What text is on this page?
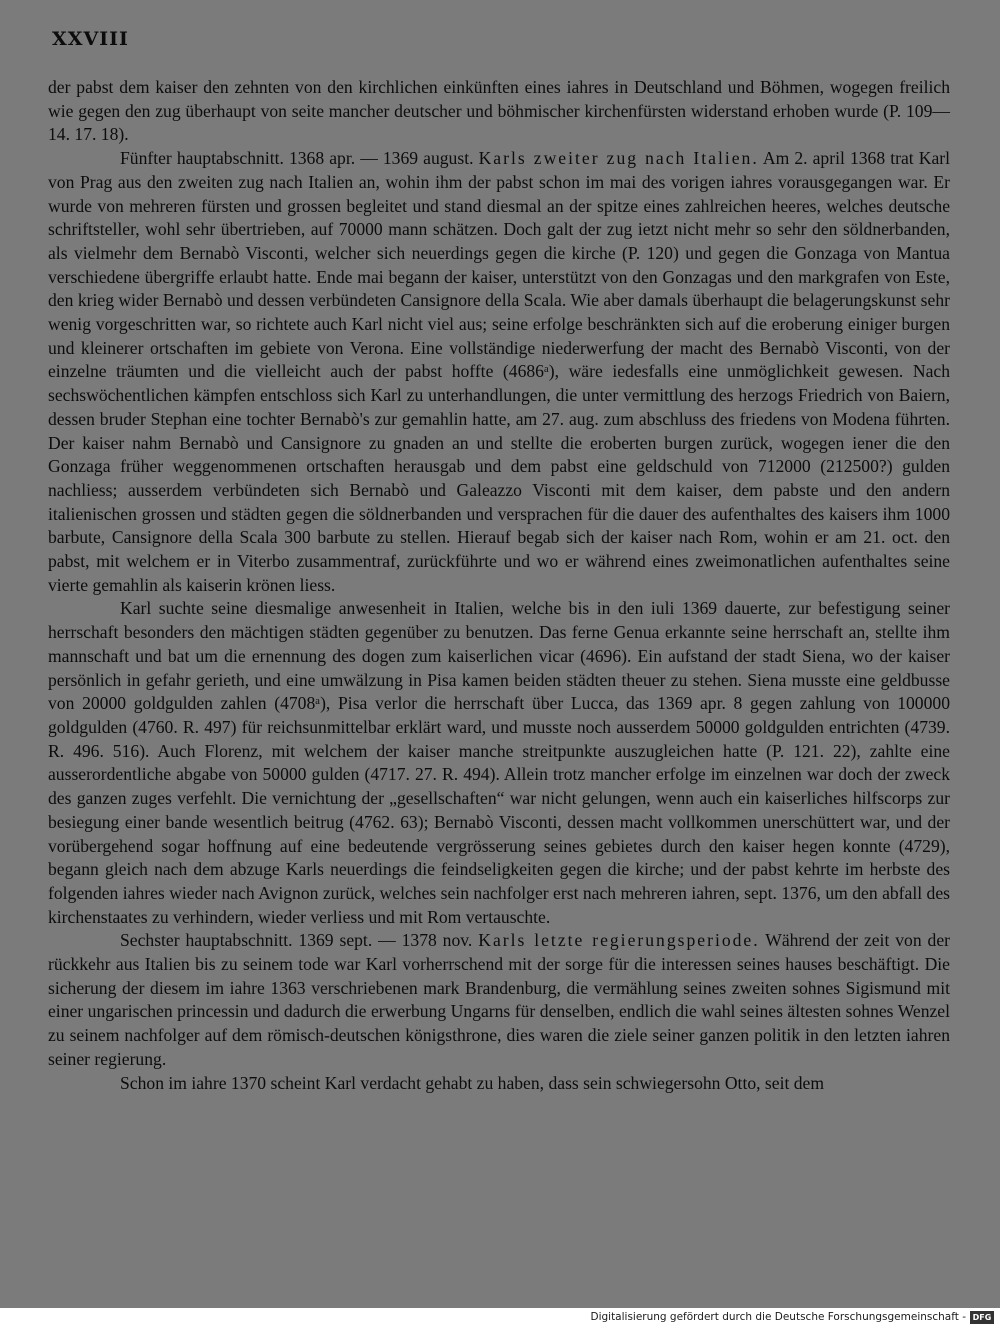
XXVIII

der pabst dem kaiser den zehnten von den kirchlichen einkünften eines iahres in Deutschland und Böhmen, wogegen freilich wie gegen den zug überhaupt von seite mancher deutscher und böhmischer kirchenfürsten widerstand erhoben wurde (P. 109—14. 17. 18).

Fünfter hauptabschnitt. 1368 apr. — 1369 august. Karls zweiter zug nach Italien. Am 2. april 1368 trat Karl von Prag aus den zweiten zug nach Italien an, wohin ihm der pabst schon im mai des vorigen iahres vorausgegangen war. Er wurde von mehreren fürsten und grossen begleitet und stand diesmal an der spitze eines zahlreichen heeres, welches deutsche schriftsteller, wohl sehr übertrieben, auf 70000 mann schätzen. Doch galt der zug ietzt nicht mehr so sehr den söldnerbanden, als vielmehr dem Bernabò Visconti, welcher sich neuerdings gegen die kirche (P. 120) und gegen die Gonzaga von Mantua verschiedene übergriffe erlaubt hatte. Ende mai begann der kaiser, unterstützt von den Gonzagas und den markgrafen von Este, den krieg wider Bernabò und dessen verbündeten Cansignore della Scala. Wie aber damals überhaupt die belagerungskunst sehr wenig vorgeschritten war, so richtete auch Karl nicht viel aus; seine erfolge beschränkten sich auf die eroberung einiger burgen und kleinerer ortschaften im gebiete von Verona. Eine vollständige niederwerfung der macht des Bernabò Visconti, von der einzelne träumten und die vielleicht auch der pabst hoffte (4686ᵃ), wäre iedesfalls eine unmöglichkeit gewesen. Nach sechswöchentlichen kämpfen entschloss sich Karl zu unterhandlungen, die unter vermittlung des herzogs Friedrich von Baiern, dessen bruder Stephan eine tochter Bernabò's zur gemahlin hatte, am 27. aug. zum abschluss des friedens von Modena führten. Der kaiser nahm Bernabò und Cansignore zu gnaden an und stellte die eroberten burgen zurück, wogegen iener die den Gonzaga früher weggenommenen ortschaften herausgab und dem pabst eine geldschuld von 712000 (212500?) gulden nachliess; ausserdem verbündeten sich Bernabò und Galeazzo Visconti mit dem kaiser, dem pabste und den andern italienischen grossen und städten gegen die söldnerbanden und versprachen für die dauer des aufenthaltes des kaisers ihm 1000 barbute, Cansignore della Scala 300 barbute zu stellen. Hierauf begab sich der kaiser nach Rom, wohin er am 21. oct. den pabst, mit welchem er in Viterbo zusammentraf, zurückführte und wo er während eines zweimonatlichen aufenthaltes seine vierte gemahlin als kaiserin krönen liess.

Karl suchte seine diesmalige anwesenheit in Italien, welche bis in den iuli 1369 dauerte, zur befestigung seiner herrschaft besonders den mächtigen städten gegenüber zu benutzen. Das ferne Genua erkannte seine herrschaft an, stellte ihm mannschaft und bat um die ernennung des dogen zum kaiserlichen vicar (4696). Ein aufstand der stadt Siena, wo der kaiser persönlich in gefahr gerieth, und eine umwälzung in Pisa kamen beiden städten theuer zu stehen. Siena musste eine geldbusse von 20000 goldgulden zahlen (4708ᵃ), Pisa verlor die herrschaft über Lucca, das 1369 apr. 8 gegen zahlung von 100000 goldgulden (4760. R. 497) für reichsunmittelbar erklärt ward, und musste noch ausserdem 50000 goldgulden entrichten (4739. R. 496. 516). Auch Florenz, mit welchem der kaiser manche streitpunkte auszugleichen hatte (P. 121. 22), zahlte eine ausserordentliche abgabe von 50000 gulden (4717. 27. R. 494). Allein trotz mancher erfolge im einzelnen war doch der zweck des ganzen zuges verfehlt. Die vernichtung der „gesellschaften“ war nicht gelungen, wenn auch ein kaiserliches hilfscorps zur besiegung einer bande wesentlich beitrug (4762. 63); Bernabò Visconti, dessen macht vollkommen unerschüttert war, und der vorübergehend sogar hoffnung auf eine bedeutende vergrösserung seines gebietes durch den kaiser hegen konnte (4729), begann gleich nach dem abzuge Karls neuerdings die feindseligkeiten gegen die kirche; und der pabst kehrte im herbste des folgenden iahres wieder nach Avignon zurück, welches sein nachfolger erst nach mehreren iahren, sept. 1376, um den abfall des kirchenstaates zu verhindern, wieder verliess und mit Rom vertauschte.

Sechster hauptabschnitt. 1369 sept. — 1378 nov. Karls letzte regierungsperiode. Während der zeit von der rückkehr aus Italien bis zu seinem tode war Karl vorherrschend mit der sorge für die interessen seines hauses beschäftigt. Die sicherung der diesem im iahre 1363 verschriebenen mark Brandenburg, die vermählung seines zweiten sohnes Sigismund mit einer ungarischen princessin und dadurch die erwerbung Ungarns für denselben, endlich die wahl seines ältesten sohnes Wenzel zu seinem nachfolger auf dem römisch-deutschen königsthrone, dies waren die ziele seiner ganzen politik in den letzten iahren seiner regierung.

Schon im iahre 1370 scheint Karl verdacht gehabt zu haben, dass sein schwiegersohn Otto, seit dem

Digitalisierung gefördert durch die Deutsche Forschungsgemeinschaft - DFG
